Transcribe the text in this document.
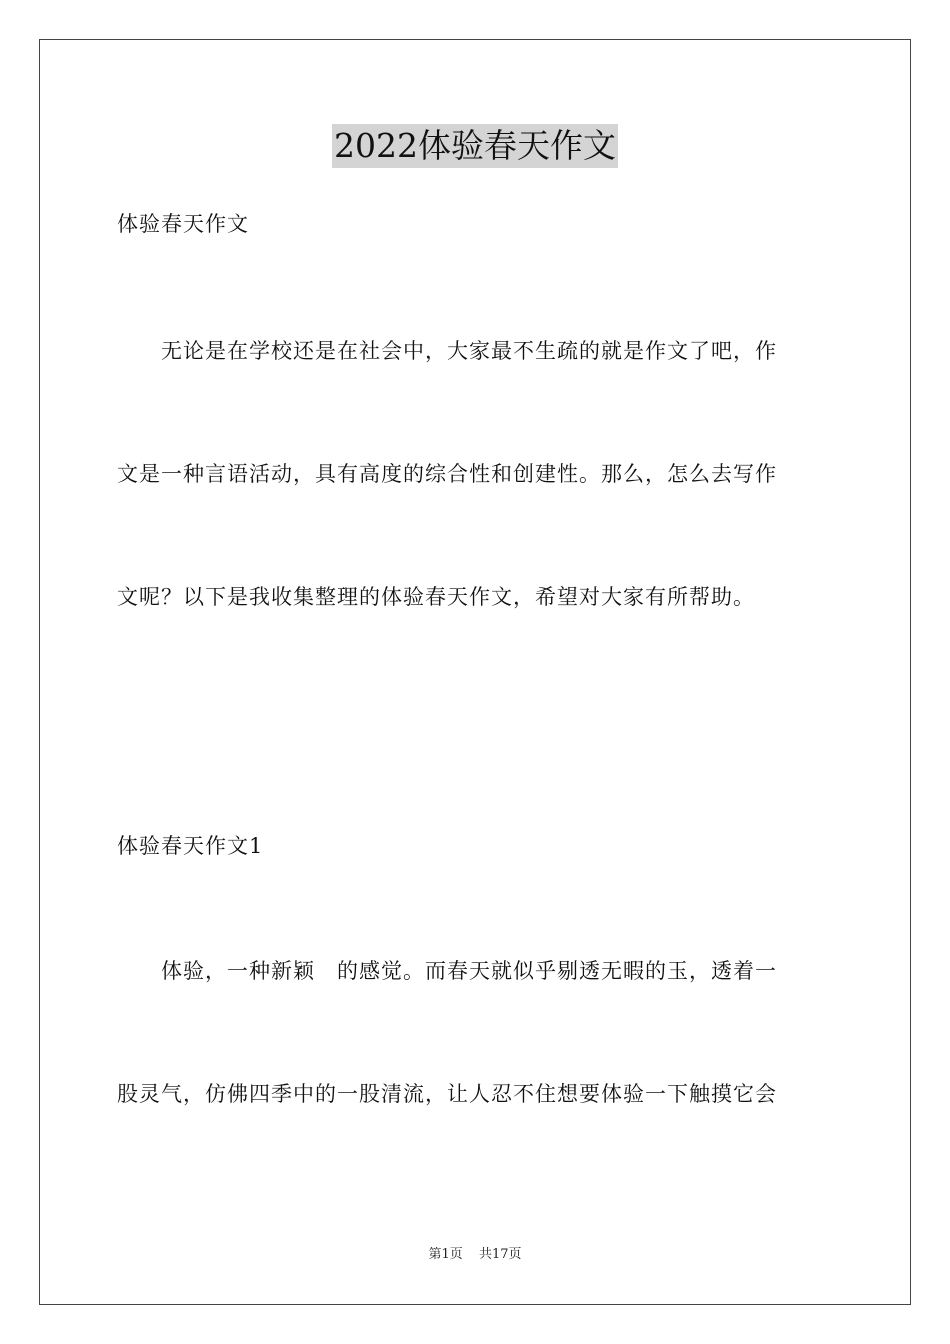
2022体验春天作文
体验春天作文
　　无论是在学校还是在社会中，大家最不生疏的就是作文了吧，作
文是一种言语活动，具有高度的综合性和创建性。那么，怎么去写作
文呢？以下是我收集整理的体验春天作文，希望对大家有所帮助。
体验春天作文1
　　体验，一种新颖　的感觉。而春天就似乎剔透无暇的玉，透着一
股灵气，仿佛四季中的一股清流，让人忍不住想要体验一下触摸它会
第1页 共17页
